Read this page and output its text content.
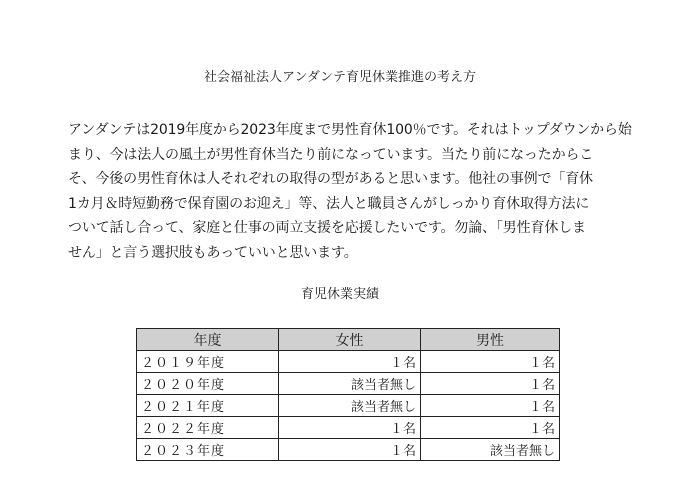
社会福祉法人アンダンテ育児休業推進の考え方

アンダンテは2019年度から2023年度まで男性育休100％です。それはトップダウンから始

まり、今は法人の風土が男性育休当たり前になっています。当たり前になったからこ

そ、今後の男性育休は人それぞれの取得の型があると思います。他社の事例で「育休

1カ月＆時短勤務で保育園のお迎え」等、法人と職員さんがしっかり育休取得方法に

ついて話し合って、家庭と仕事の両立支援を応援したいです。勿論、「男性育休しま

せん」と言う選択肢もあっていいと思います。

育児休業実績
年度	女性	男性
２０１９年度	１名	１名
２０２０年度	該当者無し	１名
２０２１年度	該当者無し	１名
２０２２年度	１名	１名
２０２３年度	１名	該当者無し
